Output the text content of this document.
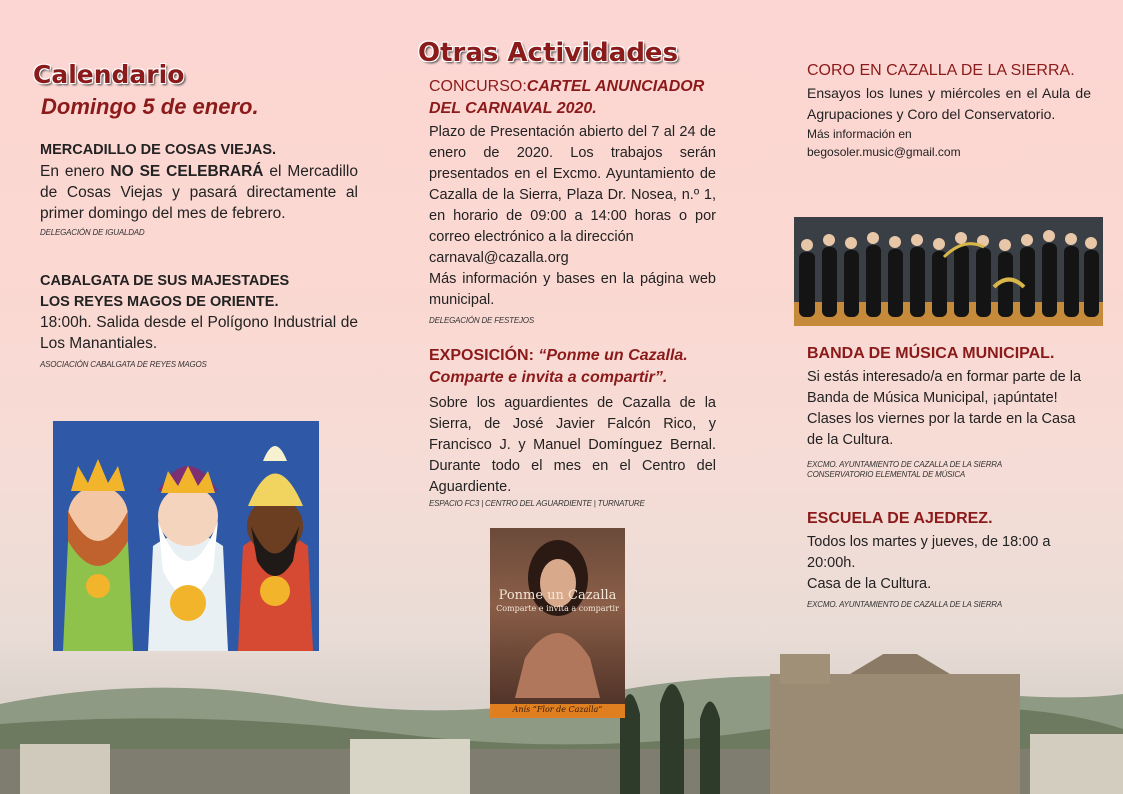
Calendario
Domingo 5 de enero.
MERCADILLO DE COSAS VIEJAS.

En enero NO SE CELEBRARÁ el Mercadillo de Cosas Viejas y pasará directamente al primer domingo del mes de febrero.

DELEGACIÓN DE IGUALDAD
CABALGATA DE SUS MAJESTADES
LOS REYES MAGOS DE ORIENTE.

18:00h. Salida desde el Polígono Industrial de Los Manantiales.

ASOCIACIÓN CABALGATA DE REYES MAGOS
Otras Actividades
CONCURSO:CARTEL ANUNCIADOR DEL CARNAVAL 2020.

Plazo de Presentación abierto del 7 al 24 de enero de 2020. Los trabajos serán presentados en el Excmo. Ayuntamiento de Cazalla de la Sierra, Plaza Dr. Nosea, n.º 1, en horario de 09:00 a 14:00 horas o por correo electrónico a la dirección

carnaval@cazalla.org

Más información y bases en la página web municipal.

DELEGACIÓN DE FESTEJOS
EXPOSICIÓN: “Ponme un Cazalla. Comparte e invita a compartir”.

Sobre los aguardientes de Cazalla de la Sierra, de José Javier Falcón Rico, y Francisco J. y Manuel Domínguez Bernal. Durante todo el mes en el Centro del Aguardiente.

ESPACIO FC3 | CENTRO DEL AGUARDIENTE | TURNATURE
Ponme un Cazalla
Comparte e invita a compartir
Anís “Flor de Cazalla”
CORO EN CAZALLA DE LA SIERRA.

Ensayos los lunes y miércoles en el Aula de Agrupaciones y Coro del Conservatorio.

Más información en
begosoler.music@gmail.com
BANDA DE MÚSICA MUNICIPAL.

Si estás interesado/a en formar parte de la Banda de Música Municipal, ¡apúntate! Clases los viernes por la tarde en la Casa de la Cultura.

EXCMO. AYUNTAMIENTO DE CAZALLA DE LA SIERRA
CONSERVATORIO ELEMENTAL DE MÚSICA
ESCUELA DE AJEDREZ.

Todos los martes y jueves, de 18:00 a 20:00h.

Casa de la Cultura.

EXCMO. AYUNTAMIENTO DE CAZALLA DE LA SIERRA
